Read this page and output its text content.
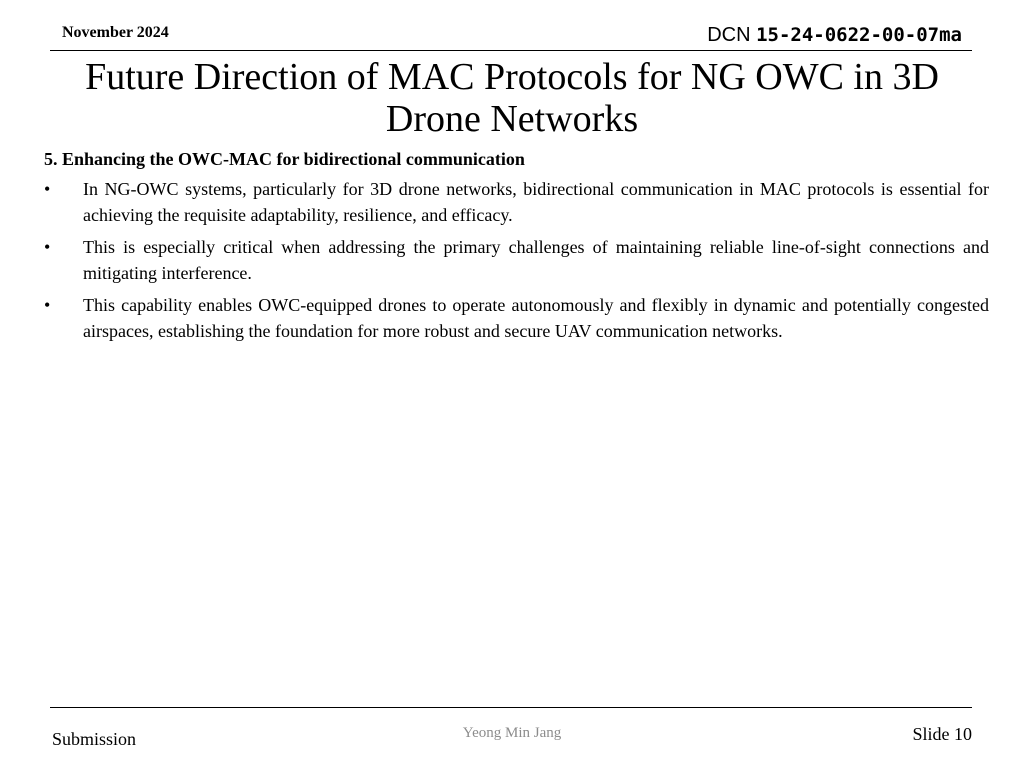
November 2024	DCN 15-24-0622-00-07ma
Future Direction of MAC Protocols for NG OWC in 3D Drone Networks
5. Enhancing the OWC-MAC for bidirectional communication
• In NG-OWC systems, particularly for 3D drone networks, bidirectional communication in MAC protocols is essential for achieving the requisite adaptability, resilience, and efficacy.
• This is especially critical when addressing the primary challenges of maintaining reliable line-of-sight connections and mitigating interference.
• This capability enables OWC-equipped drones to operate autonomously and flexibly in dynamic and potentially congested airspaces, establishing the foundation for more robust and secure UAV communication networks.
Submission	Yeong Min Jang	Slide 10
